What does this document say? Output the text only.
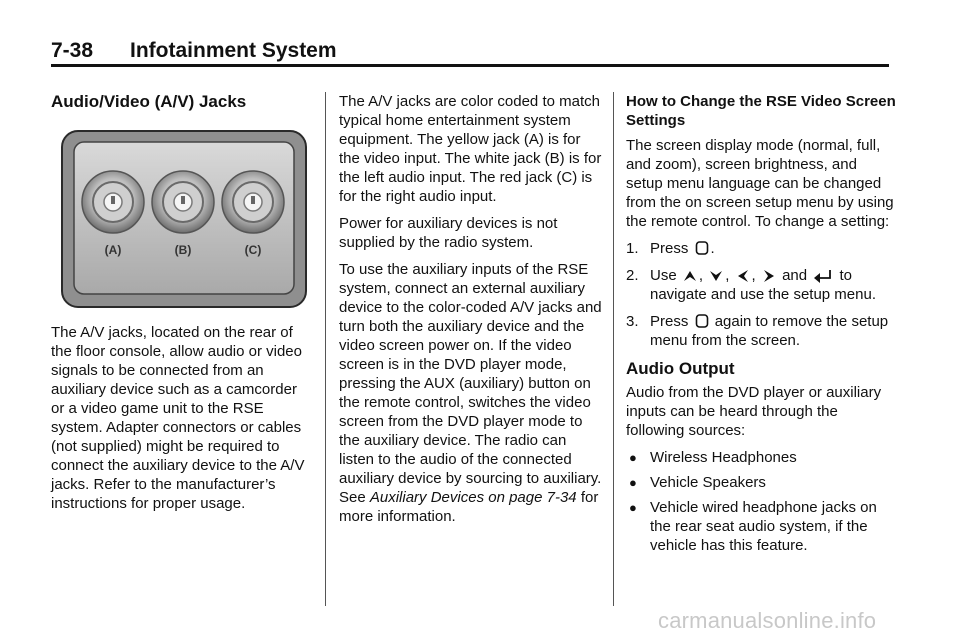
7-38 Infotainment System
Audio/Video (A/V) Jacks
(A)	(B)	(C)

The A/V jacks, located on the rear of the floor console, allow audio or video signals to be connected from an auxiliary device such as a camcorder or a video game unit to the RSE system. Adapter connectors or cables (not supplied) might be required to connect the auxiliary device to the A/V jacks. Refer to the manufacturer’s instructions for proper usage.

The A/V jacks are color coded to match typical home entertainment system equipment. The yellow jack (A) is for the video input. The white jack (B) is for the left audio input. The red jack (C) is for the right audio input.

Power for auxiliary devices is not supplied by the radio system.

To use the auxiliary inputs of the RSE system, connect an external auxiliary device to the color-coded A/V jacks and turn both the auxiliary device and the video screen power on. If the video screen is in the DVD player mode, pressing the AUX (auxiliary) button on the remote control, switches the video screen from the DVD player mode to the auxiliary device. The radio can listen to the audio of the connected auxiliary device by sourcing to auxiliary. See Auxiliary Devices on page 7-34 for more information.

How to Change the RSE Video Screen Settings

The screen display mode (normal, full, and zoom), screen brightness, and setup menu language can be changed from the on screen setup menu by using the remote control. To change a setting:

1. Press .
2. Use , , , and to navigate and use the setup menu.
3. Press again to remove the setup menu from the screen.
Audio Output

Audio from the DVD player or auxiliary inputs can be heard through the following sources:

● Wireless Headphones
● Vehicle Speakers
● Vehicle wired headphone jacks on the rear seat audio system, if the vehicle has this feature.
carmanualsonline.info
